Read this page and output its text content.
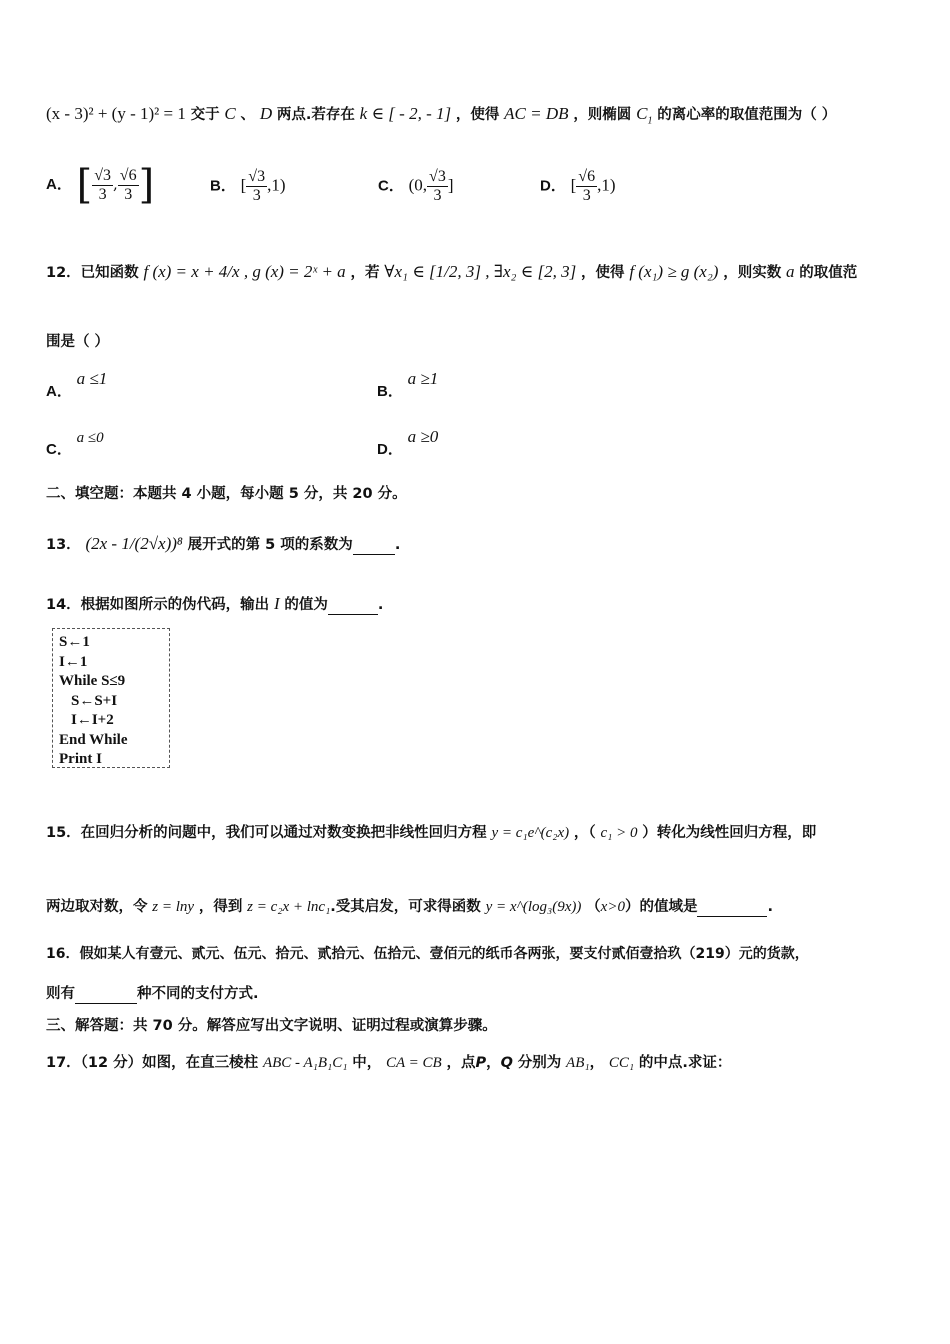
(x - 3)² + (y - 1)² = 1 交于 C 、 D 两点.若存在 k ∈ [ - 2, - 1] ，使得 AC = DB ，则椭圆 $C_1$ 的离心率的取值范围为（ ）
A． [ $\frac{√3}{3}$ , $\frac{√6}{3}$ ]	B． [ $\frac{√3}{3} ,1$)	C． (0, $\frac{√3}{3}$ ]	D． [ $\frac{√6}{3} ,1$)
12．已知函数 f (x) = x + 4/x , g (x) = 2ˣ + a ，若 ∀x₁ ∈ [1/2, 3] , ∃x₂ ∈ [2, 3] ，使得 f (x₁) ≥ g (x₂) ，则实数 a 的取值范
围是（ ）
A． a ≤1
B． a ≥1
C． a ≤0
D． a ≥0
二、填空题：本题共 4 小题，每小题 5 分，共 20 分。
13． (2x - 1/(2√x))⁸ 展开式的第 5 项的系数为	.
14．根据如图所示的伪代码，输出 I 的值为	.
S←1
I←1
While S≤9
S←S+I
I←I+2
End While
Print I
15．在回归分析的问题中，我们可以通过对数变换把非线性回归方程 y = c₁e^(c₂x) ，（ c₁ > 0 ）转化为线性回归方程，即
两边取对数，令 z = lny ，得到 z = c₂x + lnc₁.受其启发，可求得函数 y = x^(log₃(9x)) （x>0）的值域是	.
16．假如某人有壹元、贰元、伍元、拾元、贰拾元、伍拾元、壹佰元的纸币各两张，要支付贰佰壹拾玖（219）元的货款，
则有	种不同的支付方式.
三、解答题：共 70 分。解答应写出文字说明、证明过程或演算步骤。
17．（12 分）如图，在直三棱柱 ABC - A₁B₁C₁ 中， CA = CB ，点P，Q 分别为 AB₁， CC₁ 的中点.求证：
